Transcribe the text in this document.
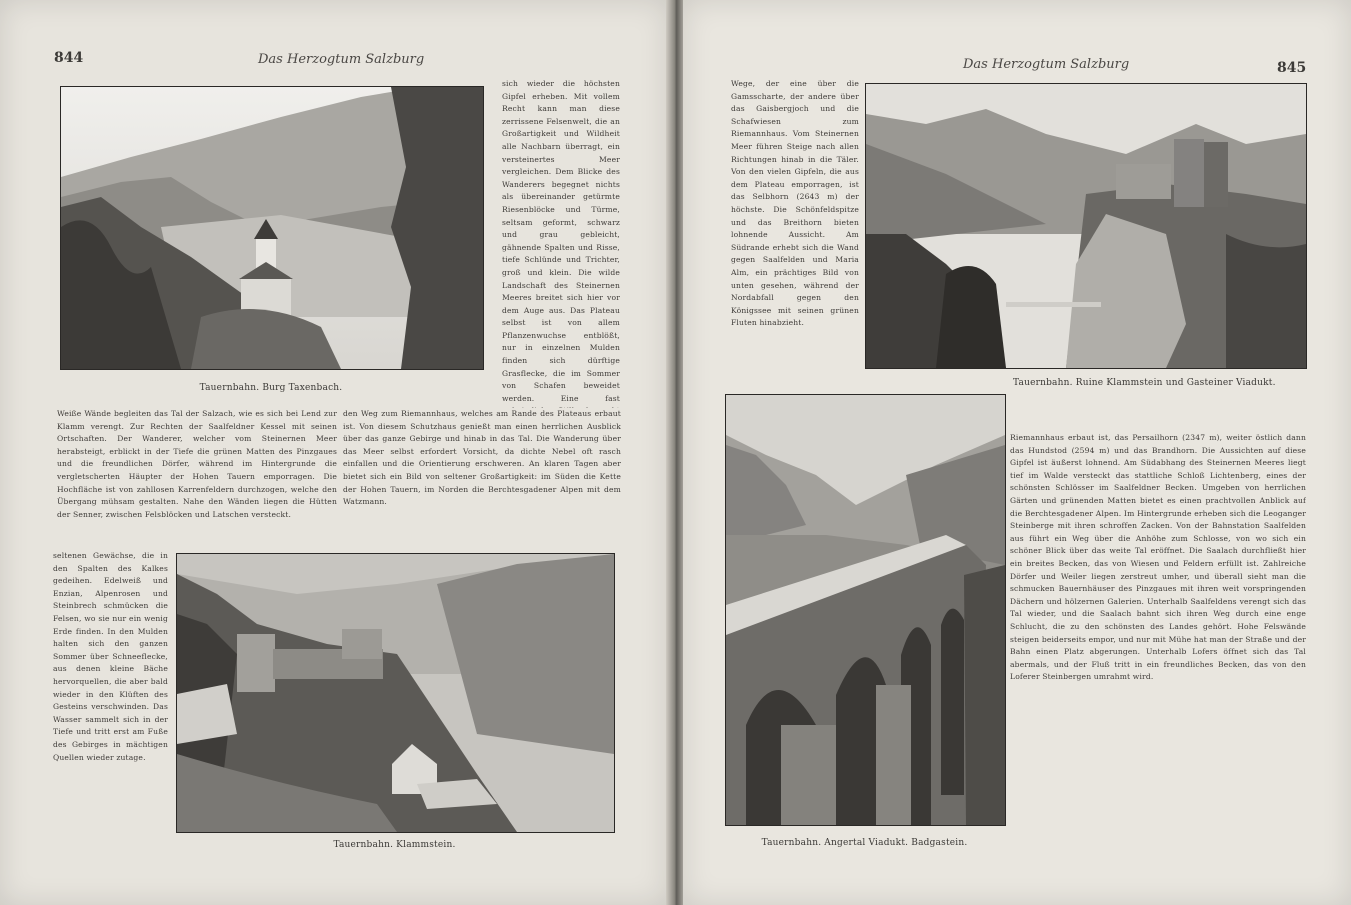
844	Das Herzogtum Salzburg
Tauernbahn. Burg Taxenbach.

sich wieder die höchsten Gipfel erheben. Mit vollem Recht kann man diese zerrissene Felsenwelt, die an Großartigkeit und Wildheit alle Nachbarn überragt, ein versteinertes Meer vergleichen. Dem Blicke des Wanderers begegnet nichts als übereinander getürmte Riesenblöcke und Türme, seltsam geformt, schwarz und grau gebleicht, gähnende Spalten und Risse, tiefe Schlünde und Trichter, groß und klein. Die wilde Landschaft des Steinernen Meeres breitet sich hier vor dem Auge aus. Das Plateau selbst ist von allem Pflanzenwuchse entblößt, nur in einzelnen Mulden finden sich dürftige Grasflecke, die im Sommer von Schafen beweidet werden. Eine fast

Weiße Wände begleiten das Tal der Salzach, wie es sich bei Lend zur Klamm verengt. Zur Rechten der Saalfeldner Kessel mit seinen Ortschaften. Der Wanderer, welcher vom Steinernen Meer herabsteigt, erblickt in der Tiefe die grünen Matten des Pinzgaues und die freundlichen Dörfer, während im Hintergrunde die vergletscherten Häupter der Hohen Tauern emporragen. Die Hochfläche ist von zahllosen Karrenfeldern durchzogen, welche den Übergang mühsam gestalten. Nahe den Wänden liegen die Hütten der Senner, zwischen Felsblöcken und Latschen versteckt.

den Weg zum Riemannhaus, welches am Rande des Plateaus erbaut ist. Von diesem Schutzhaus genießt man einen herrlichen Ausblick über das ganze Gebirge und hinab in das Tal. Die Wanderung über das Meer selbst erfordert Vorsicht, da dichte Nebel oft rasch einfallen und die Orientierung erschweren. An klaren Tagen aber bietet sich ein Bild von seltener Großartigkeit: im Süden die Kette der Hohen Tauern, im Norden die Berchtesgadener Alpen mit dem Watzmann.

seltenen Gewächse, die in den Spalten des Kalkes gedeihen. Edelweiß und Enzian, Alpenrosen und Steinbrech schmücken die Felsen, wo sie nur ein wenig Erde finden. In den Mulden halten sich den ganzen Sommer über Schneeflecke, aus denen kleine Bäche hervorquellen, die aber bald wieder in den Klüften des Gesteins verschwinden. Das Wasser sammelt sich in der Tiefe und tritt erst am Fuße des Gebirges in mächtigen Quellen wieder zutage.

Tauernbahn. Klammstein.
Das Herzogtum Salzburg	845

Wege, der eine über die Gamsscharte, der andere über das Gaisbergjoch und die Schafwiesen zum Riemannhaus. Vom Steinernen Meer führen Steige nach allen Richtungen hinab in die Täler. Von den vielen Gipfeln, die aus dem Plateau emporragen, ist das Selbhorn (2643 m) der höchste. Die Schönfeldspitze und das Breithorn bieten lohnende Aussicht. Am Südrande erhebt sich die Wand gegen Saalfelden und Maria Alm, ein prächtiges Bild von unten gesehen, während der Nordabfall gegen den Königssee mit seinen grünen Fluten hinabzieht.

Tauernbahn. Ruine Klammstein und Gasteiner Viadukt.
Tauernbahn. Angertal Viadukt. Badgastein.

Riemannhaus erbaut ist, das Persailhorn (2347 m), weiter östlich dann das Hundstod (2594 m) und das Brandhorn. Die Aussichten auf diese Gipfel ist äußerst lohnend. Am Südabhang des Steinernen Meeres liegt tief im Walde versteckt das stattliche Schloß Lichtenberg, eines der schönsten Schlösser im Saalfeldner Becken. Umgeben von herrlichen Gärten und grünenden Matten bietet es einen prachtvollen Anblick auf die Berchtesgadener Alpen. Im Hintergrunde erheben sich die Leoganger Steinberge mit ihren schroffen Zacken. Von der Bahnstation Saalfelden aus führt ein Weg über die Anhöhe zum Schlosse, von wo sich ein schöner Blick über das weite Tal eröffnet. Die Saalach durchfließt hier ein breites Becken, das von Wiesen und Feldern erfüllt ist. Zahlreiche Dörfer und Weiler liegen zerstreut umher, und überall sieht man die schmucken Bauernhäuser des Pinzgaues mit ihren weit vorspringenden Dächern und hölzernen Galerien. Unterhalb Saalfeldens verengt sich das Tal wieder, und die Saalach bahnt sich ihren Weg durch eine enge Schlucht, die zu den schönsten des Landes gehört. Hohe Felswände steigen beiderseits empor, und nur mit Mühe hat man der Straße und der Bahn einen Platz abgerungen. Unterhalb Lofers öffnet sich das Tal abermals, und der Fluß tritt in ein freundliches Becken, das von den Loferer Steinbergen umrahmt wird.
